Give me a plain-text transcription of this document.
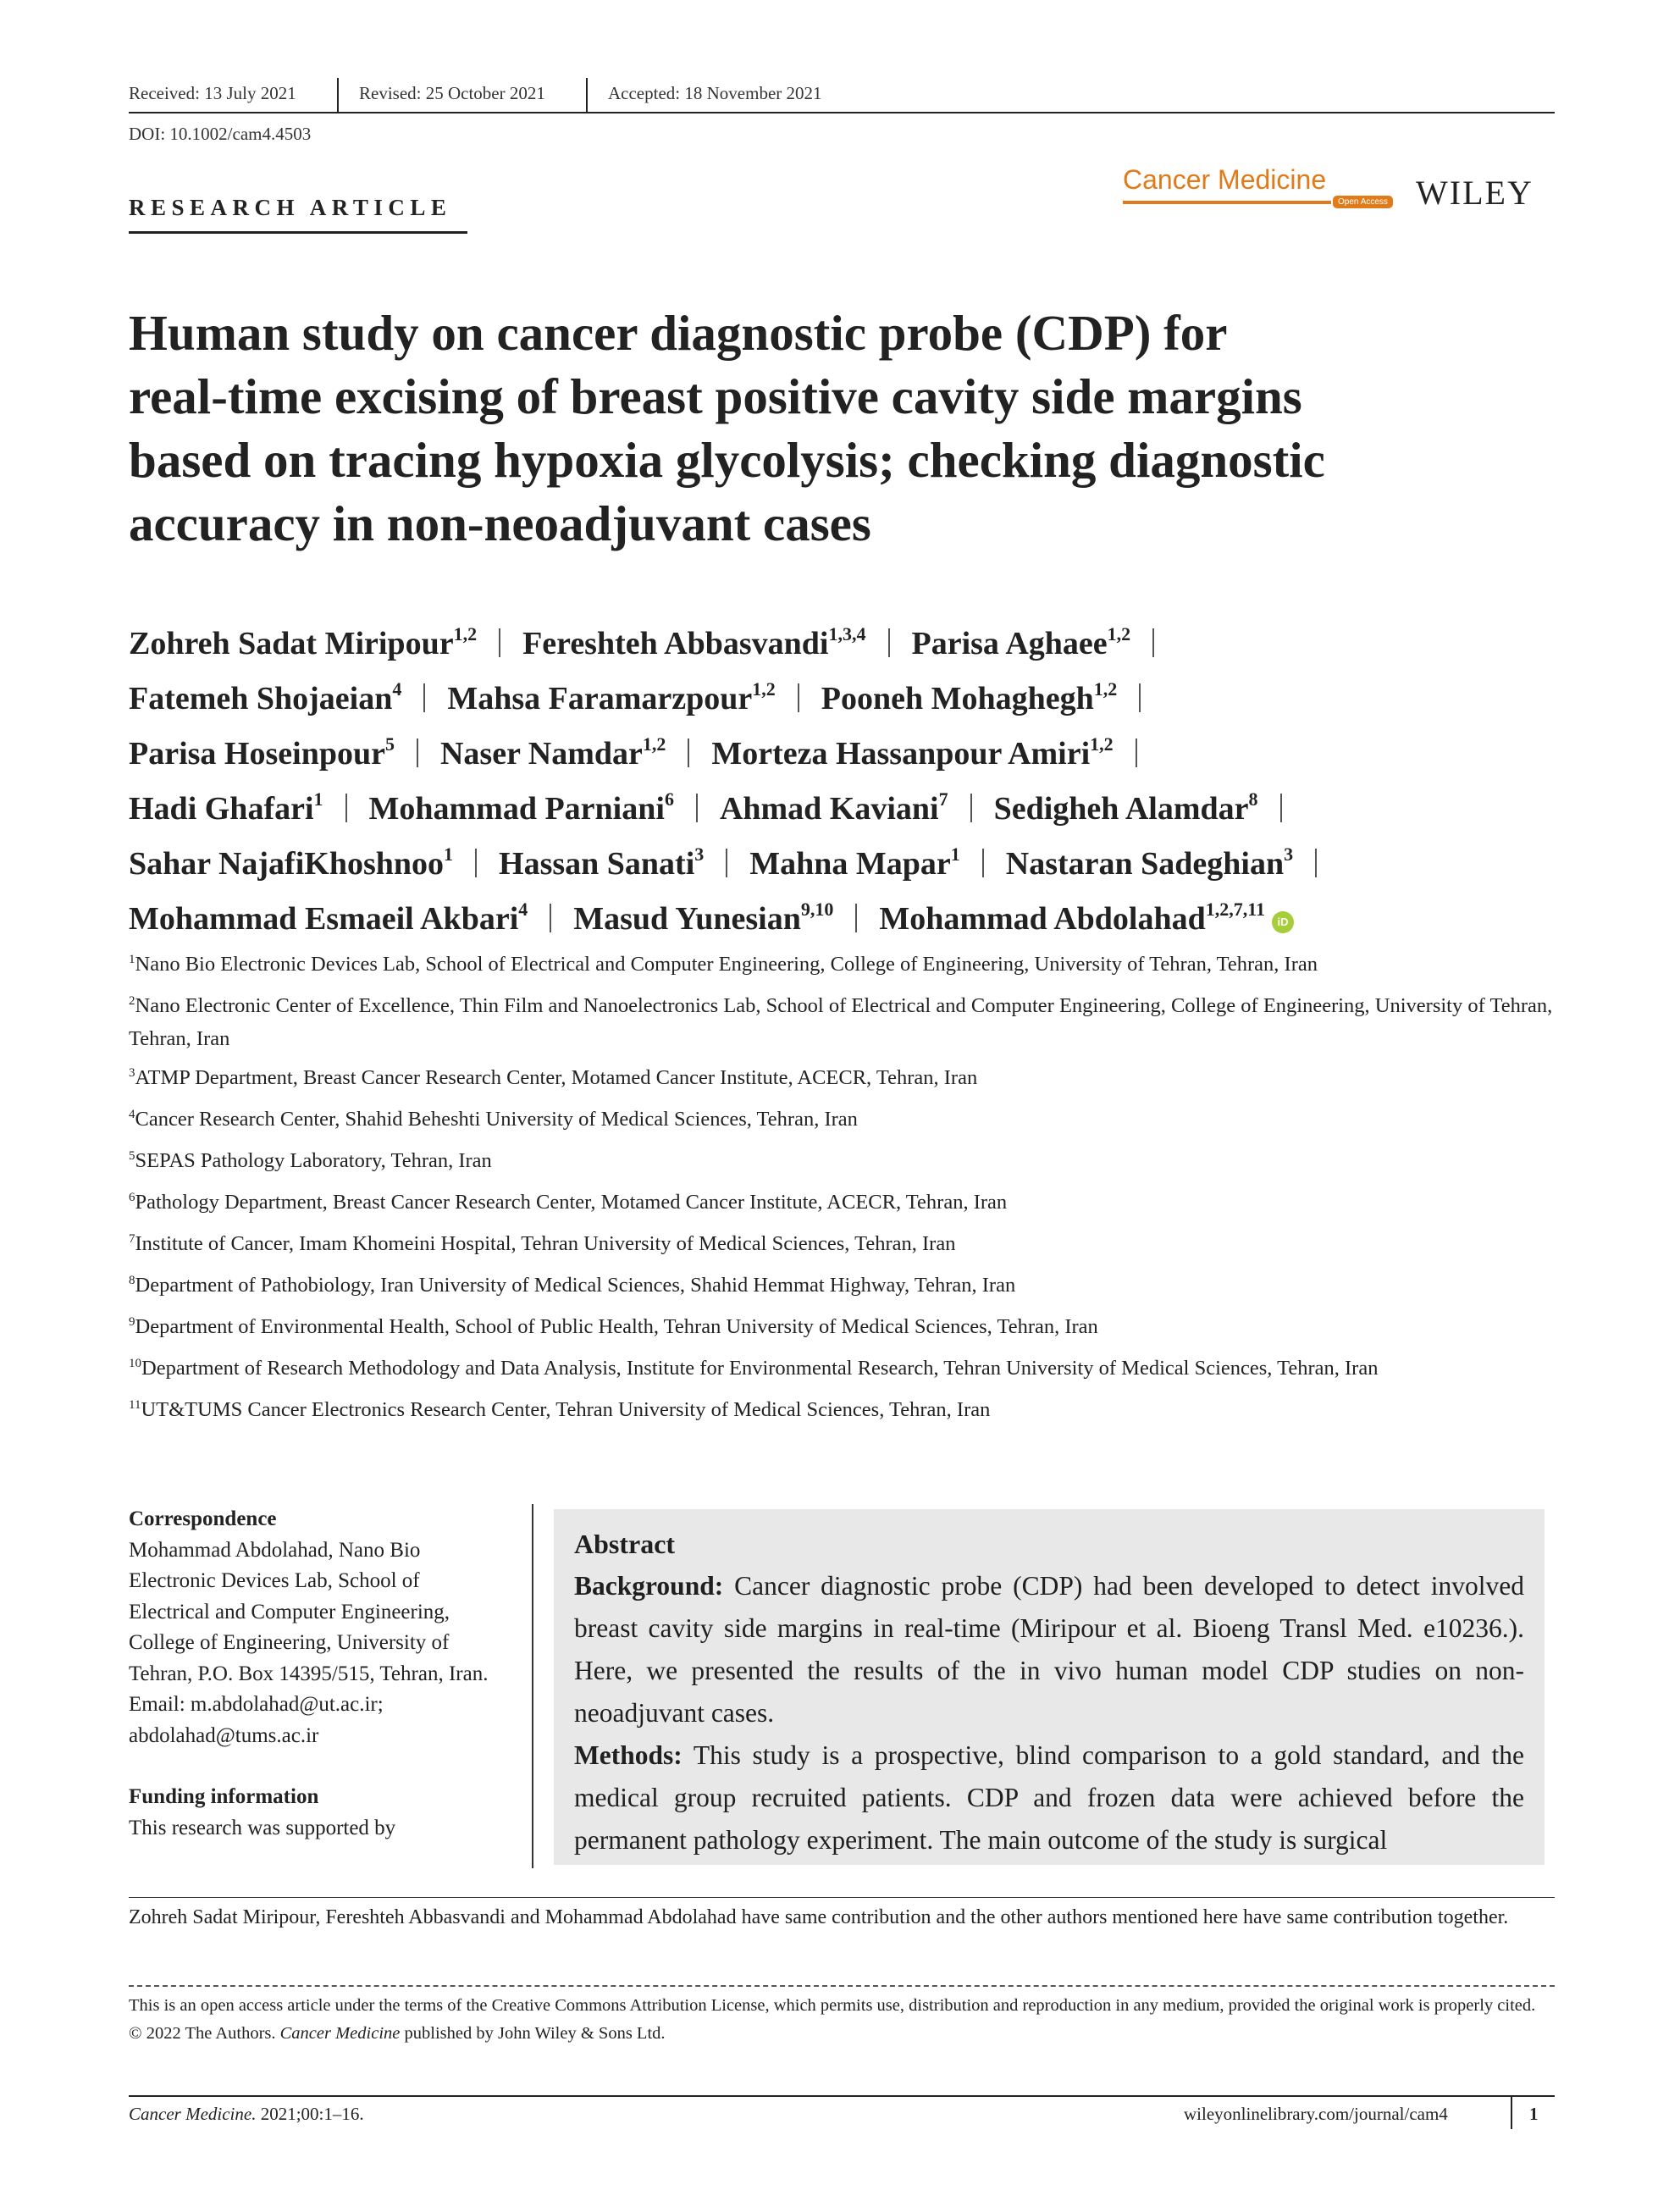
Received: 13 July 2021	Revised: 25 October 2021	Accepted: 18 November 2021
DOI: 10.1002/cam4.4503
RESEARCH ARTICLE
Cancer Medicine
Open Access WILEY
Human study on cancer diagnostic probe (CDP) for
real-time excising of breast positive cavity side margins
based on tracing hypoxia glycolysis; checking diagnostic
accuracy in non-neoadjuvant cases
Zohreh Sadat Miripour$^{1,2}$ Fereshteh Abbasvandi$^{1,3,4}$ Parisa Aghaee$^{1,2}$
Fatemeh Shojaeian$^4$ Mahsa Faramarzpour$^{1,2}$ Pooneh Mohaghegh$^{1,2}$
Parisa Hoseinpour$^5$ Naser Namdar$^{1,2}$ Morteza Hassanpour Amiri$^{1,2}$
Hadi Ghafari$^1$ Mohammad Parniani$^6$ Ahmad Kaviani$^7$ Sedigheh Alamdar$^8$
Sahar NajafiKhoshnoo$^1$ Hassan Sanati$^3$ Mahna Mapar$^1$ Nastaran Sadeghian$^3$
Mohammad Esmaeil Akbari$^4$ Masud Yunesian$^{9,10}$ Mohammad Abdolahad$^{1,2,7,11}$iD
$^1$Nano Bio Electronic Devices Lab, School of Electrical and Computer Engineering, College of Engineering, University of Tehran, Tehran, Iran
$^2$Nano Electronic Center of Excellence, Thin Film and Nanoelectronics Lab, School of Electrical and Computer Engineering, College of Engineering, University of Tehran, Tehran, Iran
$^3$ATMP Department, Breast Cancer Research Center, Motamed Cancer Institute, ACECR, Tehran, Iran
$^4$Cancer Research Center, Shahid Beheshti University of Medical Sciences, Tehran, Iran
$^5$SEPAS Pathology Laboratory, Tehran, Iran
$^6$Pathology Department, Breast Cancer Research Center, Motamed Cancer Institute, ACECR, Tehran, Iran
$^7$Institute of Cancer, Imam Khomeini Hospital, Tehran University of Medical Sciences, Tehran, Iran
$^8$Department of Pathobiology, Iran University of Medical Sciences, Shahid Hemmat Highway, Tehran, Iran
$^9$Department of Environmental Health, School of Public Health, Tehran University of Medical Sciences, Tehran, Iran
$^{10}$Department of Research Methodology and Data Analysis, Institute for Environmental Research, Tehran University of Medical Sciences, Tehran, Iran
$^{11}$UT&TUMS Cancer Electronics Research Center, Tehran University of Medical Sciences, Tehran, Iran
Correspondence
Mohammad Abdolahad, Nano Bio Electronic Devices Lab, School of Electrical and Computer Engineering, College of Engineering, University of Tehran, P.O. Box 14395/515, Tehran, Iran.
Email: m.abdolahad@ut.ac.ir; abdolahad@tums.ac.ir
Funding information
This research was supported by
Abstract

Background: Cancer diagnostic probe (CDP) had been developed to detect involved breast cavity side margins in real-time (Miripour et al. Bioeng Transl Med. e10236.). Here, we presented the results of the in vivo human model CDP studies on non-neoadjuvant cases.

Methods: This study is a prospective, blind comparison to a gold standard, and the medical group recruited patients. CDP and frozen data were achieved before the permanent pathology experiment. The main outcome of the study is surgical

Zohreh Sadat Miripour, Fereshteh Abbasvandi and Mohammad Abdolahad have same contribution and the other authors mentioned here have same contribution together.
This is an open access article under the terms of the Creative Commons Attribution License, which permits use, distribution and reproduction in any medium, provided the original work is properly cited.
© 2022 The Authors. Cancer Medicine published by John Wiley & Sons Ltd.
Cancer Medicine. 2021;00:1–16.	wileyonlinelibrary.com/journal/cam4	1
